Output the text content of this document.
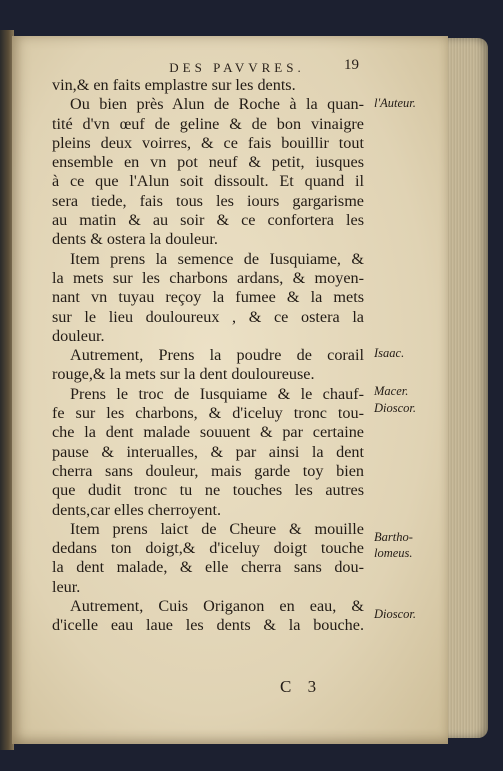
DES PAVVRES.	19
vin,& en faits emplastre sur les dents.
Ou bien près Alun de Roche à la quan-
tité d'vn œuf de geline & de bon vinaigre
pleins deux voirres, & ce fais bouillir tout
ensemble en vn pot neuf & petit, iusques
à ce que l'Alun soit dissoult. Et quand il
sera tiede, fais tous les iours gargarisme
au matin & au soir & ce confortera les
dents & ostera la douleur.
Item prens la semence de Iusquiame, &
la mets sur les charbons ardans, & moyen-
nant vn tuyau reçoy la fumee & la mets
sur le lieu douloureux , & ce ostera la
douleur.
Autrement, Prens la poudre de corail
rouge,& la mets sur la dent douloureuse.
Prens le troc de Iusquiame & le chauf-
fe sur les charbons, & d'iceluy tronc tou-
che la dent malade souuent & par certaine
pause & interualles, & par ainsi la dent
cherra sans douleur, mais garde toy bien
que dudit tronc tu ne touches les autres
dents,car elles cherroyent.
Item prens laict de Cheure & mouille
dedans ton doigt,& d'iceluy doigt touche
la dent malade, & elle cherra sans dou-
leur.
Autrement, Cuis Origanon en eau, &
d'icelle eau laue les dents & la bouche.
l'Auteur.
Isaac.
Macer.
Dioscor.
Bartho-
lomeus.
Dioscor.
C 3
